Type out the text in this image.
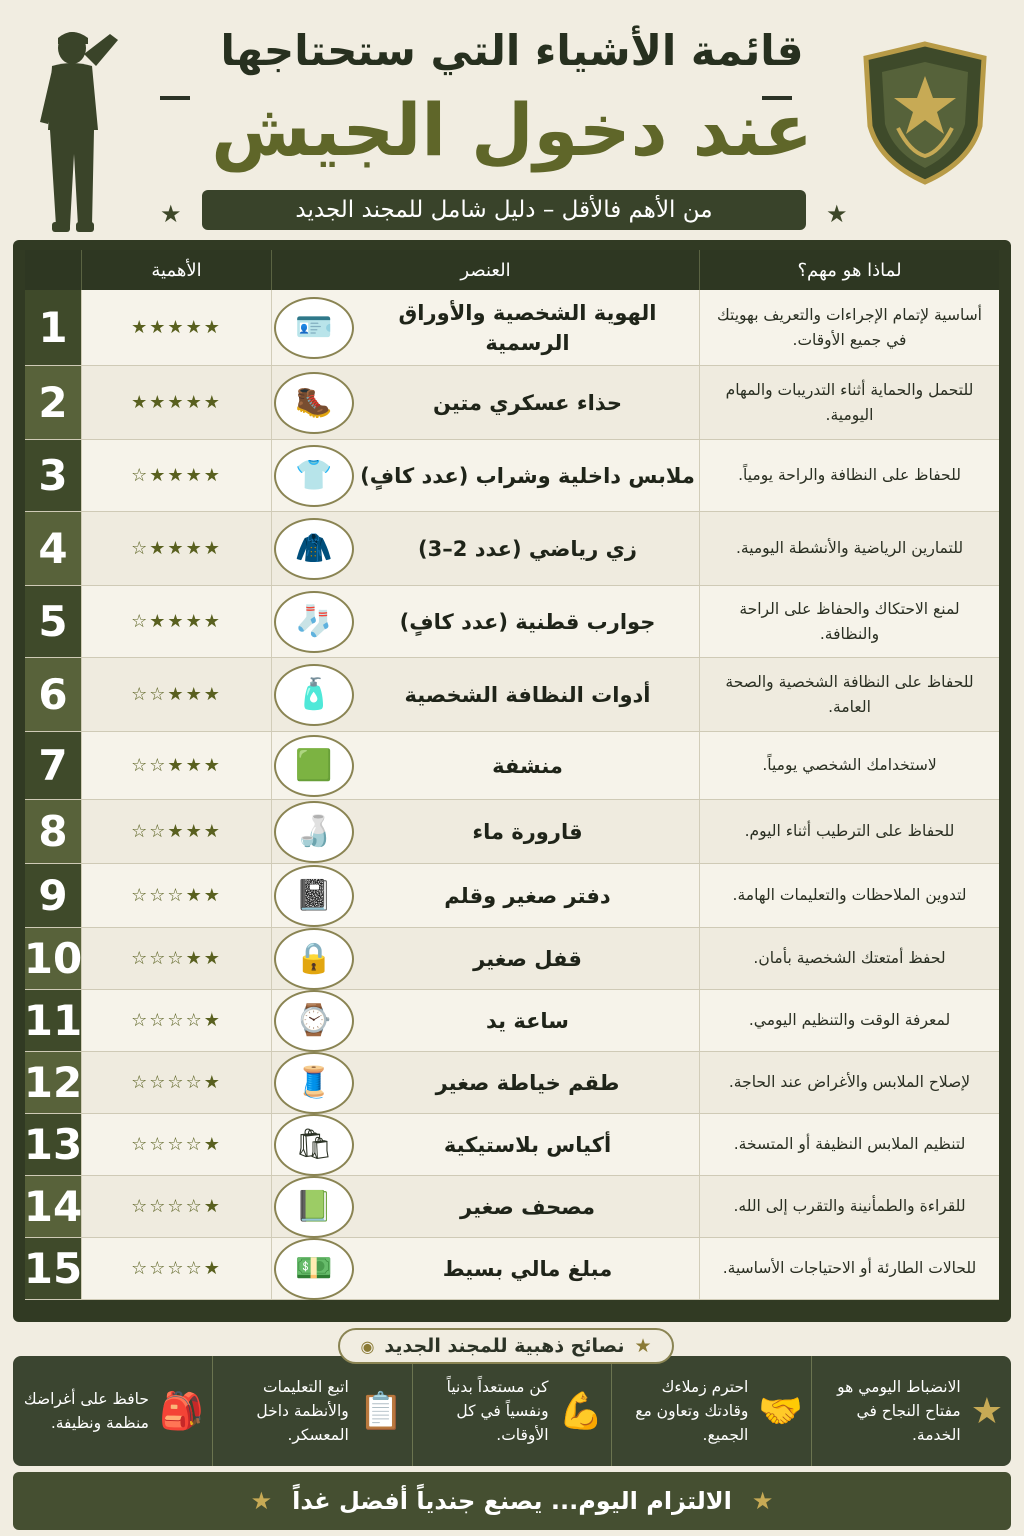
قائمة الأشياء التي ستحتاجها
عند دخول الجيش
★	من الأهم فالأقل – دليل شامل للمجند الجديد	★
لماذا هو مهم؟
العنصر
الأهمية
أساسية لإتمام الإجراءات والتعريف بهويتك في جميع الأوقات.
الهوية الشخصية والأوراق الرسمية
🪪
★★★★★
1
للتحمل والحماية أثناء التدريبات والمهام اليومية.
حذاء عسكري متين
🥾
★★★★★
2
للحفاظ على النظافة والراحة يومياً.
ملابس داخلية وشراب (عدد كافٍ)
👕
★★★★☆
3
للتمارين الرياضية والأنشطة اليومية.
زي رياضي (عدد 2–3)
🧥
★★★★☆
4
لمنع الاحتكاك والحفاظ على الراحة والنظافة.
جوارب قطنية (عدد كافٍ)
🧦
★★★★☆
5
للحفاظ على النظافة الشخصية والصحة العامة.
أدوات النظافة الشخصية
🧴
★★★☆☆
6
لاستخدامك الشخصي يومياً.
منشفة
🟩
★★★☆☆
7
للحفاظ على الترطيب أثناء اليوم.
قارورة ماء
🍶
★★★☆☆
8
لتدوين الملاحظات والتعليمات الهامة.
دفتر صغير وقلم
📓
★★☆☆☆
9
لحفظ أمتعتك الشخصية بأمان.
قفل صغير
🔒
★★☆☆☆
10
لمعرفة الوقت والتنظيم اليومي.
ساعة يد
⌚
★☆☆☆☆
11
لإصلاح الملابس والأغراض عند الحاجة.
طقم خياطة صغير
🧵
★☆☆☆☆
12
لتنظيم الملابس النظيفة أو المتسخة.
أكياس بلاستيكية
🛍
★☆☆☆☆
13
للقراءة والطمأنينة والتقرب إلى الله.
مصحف صغير
📗
★☆☆☆☆
14
للحالات الطارئة أو الاحتياجات الأساسية.
مبلغ مالي بسيط
💵
★☆☆☆☆
15
★
الانضباط اليومي هو مفتاح النجاح في الخدمة.
🤝
احترم زملاءك وقادتك وتعاون مع الجميع.
💪
كن مستعداً بدنياً ونفسياً في كل الأوقات.
📋
اتبع التعليمات والأنظمة داخل المعسكر.
🎒
حافظ على أغراضك منظمة ونظيفة.
★
نصائح ذهبية للمجند الجديد
◉
★
الالتزام اليوم... يصنع جندياً أفضل غداً
★
